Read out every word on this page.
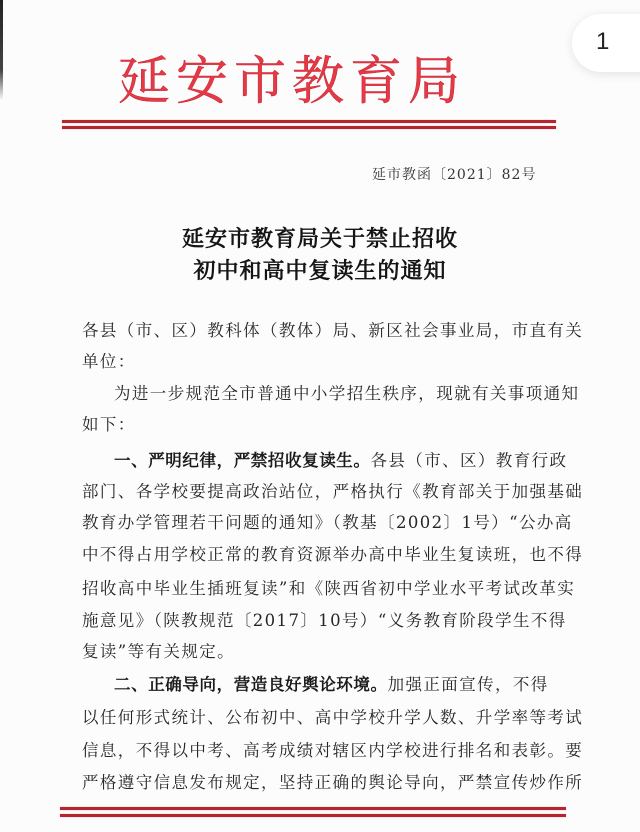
1
延安市教育局
延市教函〔2021〕82号
延安市教育局关于禁止招收
初中和高中复读生的通知
各县（市、区）教科体（教体）局、新区社会事业局，市直有关
单位：
为进一步规范全市普通中小学招生秩序，现就有关事项通知
如下：
一、严明纪律，严禁招收复读生。各县（市、区）教育行政
部门、各学校要提高政治站位，严格执行《教育部关于加强基础
教育办学管理若干问题的通知》（教基〔2002〕1号）“公办高
中不得占用学校正常的教育资源举办高中毕业生复读班，也不得
招收高中毕业生插班复读”和《陕西省初中学业水平考试改革实
施意见》（陕教规范〔2017〕10号）“义务教育阶段学生不得
复读”等有关规定。
二、正确导向，营造良好舆论环境。加强正面宣传，不得
以任何形式统计、公布初中、高中学校升学人数、升学率等考试
信息，不得以中考、高考成绩对辖区内学校进行排名和表彰。要
严格遵守信息发布规定，坚持正确的舆论导向，严禁宣传炒作所
